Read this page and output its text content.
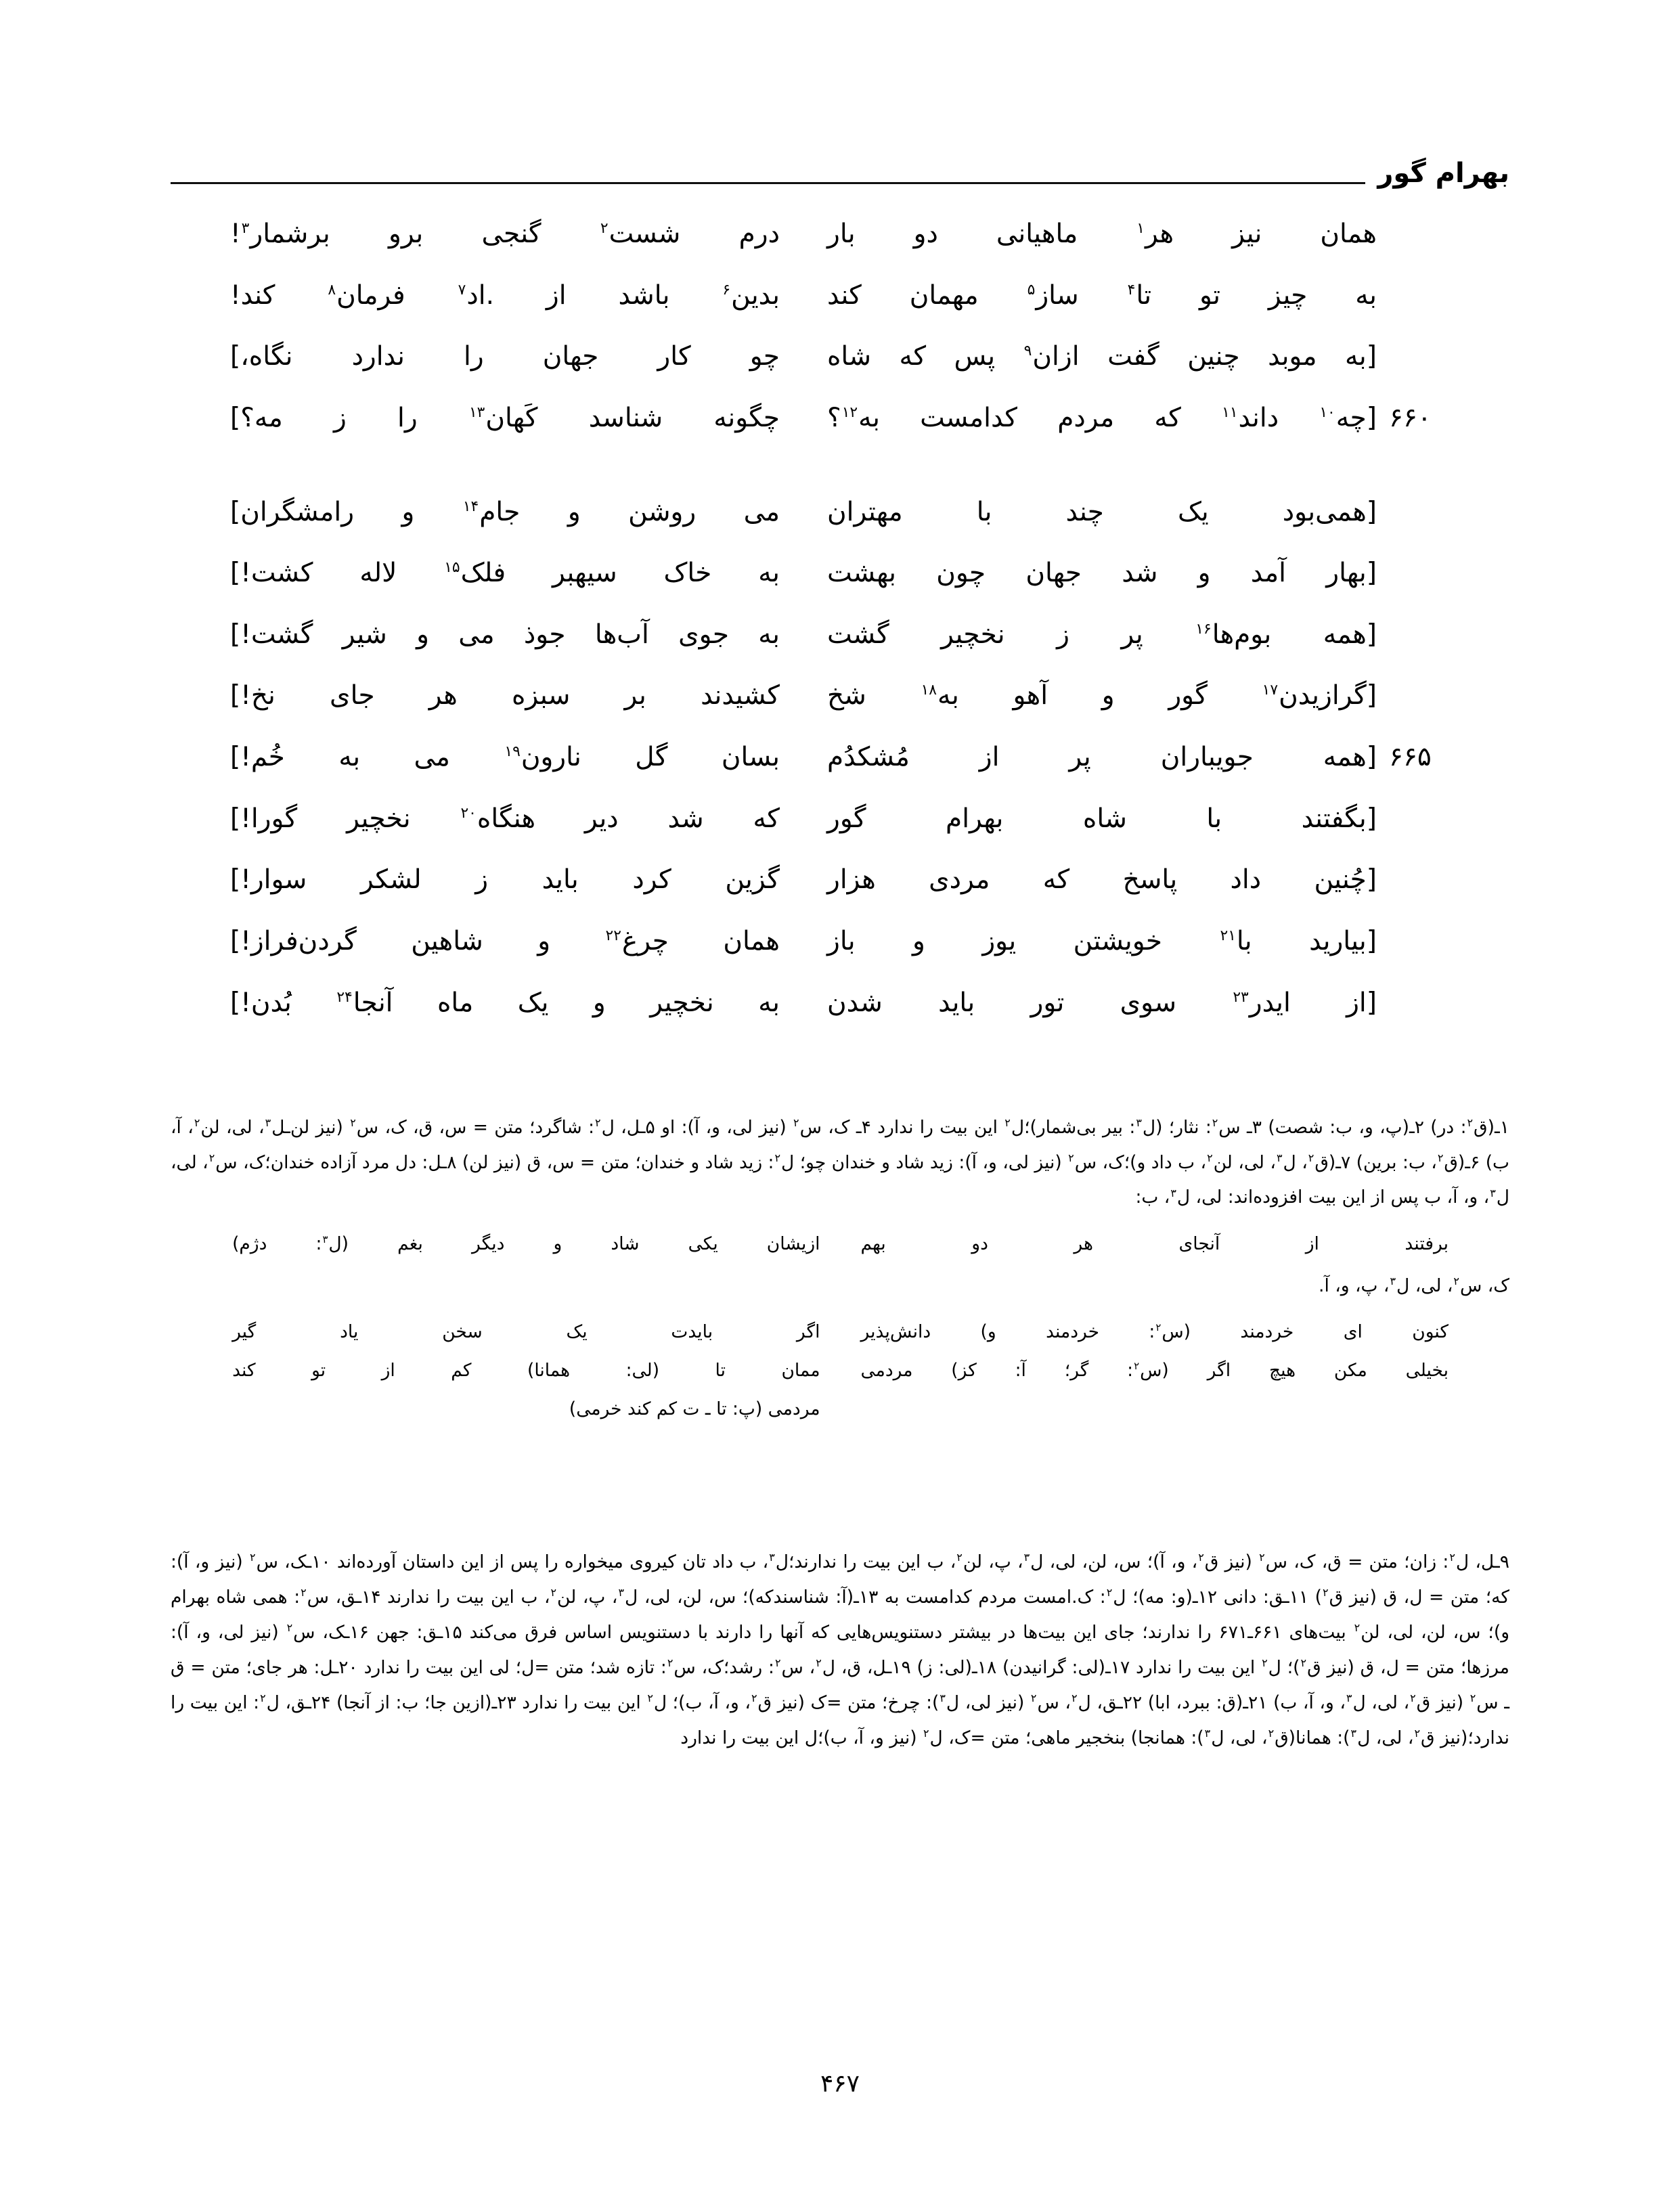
بهرام گور
همان نیز هر$^۱$ ماهیانی دو بار
درم شست$^۲$ گنجی برو برشمار$^۳$!
به چیز تو تا$^۴$ ساز$^۵$ مهمان کند
بدین$^۶$ باشد از .اد$^۷$ فرمان$^۸$ کند!
[به موبد چنین گفت ازان$^۹$ پس که شاه
چو کار جهان را ندارد نگاه،]
۶۶۰
[چه$^{۱۰}$ داند$^{۱۱}$ که مردم کدامست به$^{۱۲}$؟
چگونه شناسد کَهان$^{۱۳}$ را ز مه؟]
[همی‌بود یک چند با مهتران
می روشن و جام$^{۱۴}$ و رامشگران]
[بهار آمد و شد جهان چون بهشت
به خاک سیهبر فلک$^{۱۵}$ لاله کشت!]
[همه بوم‌ها$^{۱۶}$ پر ز نخچیر گشت
به جوی آب‌ها جوذ می و شیر گشت!]
[گرازیدن$^{۱۷}$ گور و آهو به$^{۱۸}$ شخ
کشیدند بر سبزه هر جای نخ!]
۶۶۵
[همه جویباران پر از مُشکدُم
بسان گل نارون$^{۱۹}$ می به خُم!]
[بگفتند با شاه بهرام گور
که شد دیر هنگاه$^{۲۰}$ نخچیر گورا!]
[چُنین داد پاسخ که مردی هزار
گزین کرد باید ز لشکر سوار!]
[بیارید با$^{۲۱}$ خویشتن یوز و باز
همان چرغ$^{۲۲}$ و شاهین گردن‌فراز!]
[از ایدر$^{۲۳}$ سوی تور باید شدن
به نخچیر و یک ماه آنجا$^{۲۴}$ بُدن!]

۱ـ(ق$^۲$: در) ۲ـ(پ، و، ب: شصت) ۳ـ س$^۲$: نثار؛ (ل$^۳$: بیر بی‌شمار)؛ل$^۲$ این بیت را ندارد ۴ـ ک، س$^۲$ (نیز لی، و، آ): او ۵ـل، ل$^۲$: شاگرد؛ متن = س، ق، ک، س$^۲$ (نیز لن‌ـل$^۳$، لی، لن$^۲$، آ، ب) ۶ـ(ق$^۲$، ب: برین) ۷ـ(ق$^۲$، ل$^۳$، لی، لن$^۲$، ب داد و)؛ک، س$^۲$ (نیز لی، و، آ): زید شاد و خندان چو؛ ل$^۲$: زید شاد و خندان؛ متن = س، ق (نیز لن) ۸ـل: دل مرد آزاده خندان؛ک، س$^۲$، لی، ل$^۳$، و، آ، ب پس از این بیت افزوده‌اند: لی، ل$^۳$، ب:

برفتند از آنجای هر دو بهم
ازیشان یکی شاد و دیگر بغم (ل$^۳$: دژم)

ک، س$^۲$، لی، ل$^۳$، پ، و، آ.

کنون ای خردمند (س$^۲$: خردمند و) دانش‌پذیر
اگر بایدت یک سخن یاد گیر
بخیلی مکن هیچ اگر (س$^۲$: گر؛ آ: کز) مردمی
ممان تا (لی: همانا) کم از تو کند
مردمی (پ: تا ـ ت کم کند خرمی)

۹ـل، ل$^۲$: زان؛ متن = ق، ک، س$^۲$ (نیز ق$^۲$، و، آ)؛ س، لن، لی، ل$^۳$، پ، لن$^۲$، ب این بیت را ندارند؛ل$^۳$، ب داد تان کیروی میخواره را پس از این داستان آورده‌اند ۱۰ـک، س$^۲$ (نیز و، آ): که؛ متن = ل، ق (نیز ق$^۲$) ۱۱ـق: دانی ۱۲ـ(و: مه)؛ ل$^۲$: ک.امست مردم کدامست به ۱۳ـ(آ: شناسندکه)؛ س، لن، لی، ل$^۳$، پ، لن$^۲$، ب این بیت را ندارند ۱۴ـق، س$^۲$: همی شاه بهرام و)؛ س، لن، لی، لن$^۲$ بیت‌های ۶۶۱ـ۶۷۱ را ندارند؛ جای این بیت‌ها در بیشتر دستنویس‌هایی که آنها را دارند با دستنویس اساس فرق می‌کند ۱۵ـق: جهن ۱۶ـک، س$^۲$ (نیز لی، و، آ): مرزها؛ متن = ل، ق (نیز ق$^۲$)؛ ل$^۲$ این بیت را ندارد ۱۷ـ(لی: گرانیدن) ۱۸ـ(لی: ز) ۱۹ـل، ق، ل$^۲$، س$^۲$: رشد؛ک، س$^۲$: تازه شد؛ متن =ل؛ لی این بیت را ندارد ۲۰ـل: هر جای؛ متن = ق ـ س$^۲$ (نیز ق$^۲$، لی، ل$^۳$، و، آ، ب) ۲۱ـ(ق: ببرد، ابا) ۲۲ـق، ل$^۲$، س$^۲$ (نیز لی، ل$^۳$): چرخ؛ متن =ک (نیز ق$^۲$، و، آ، ب)؛ ل$^۲$ این بیت را ندارد ۲۳ـ(ازین جا؛ ب: از آنجا) ۲۴ـق، ل$^۲$: این بیت را ندارد؛(نیز ق$^۲$، لی، ل$^۳$): همانا(ق$^۲$، لی، ل$^۳$): همانجا) بنخجیر ماهی؛ متن =ک، ل$^۲$ (نیز و، آ، ب)؛ل این بیت را ندارد

۴۶۷
